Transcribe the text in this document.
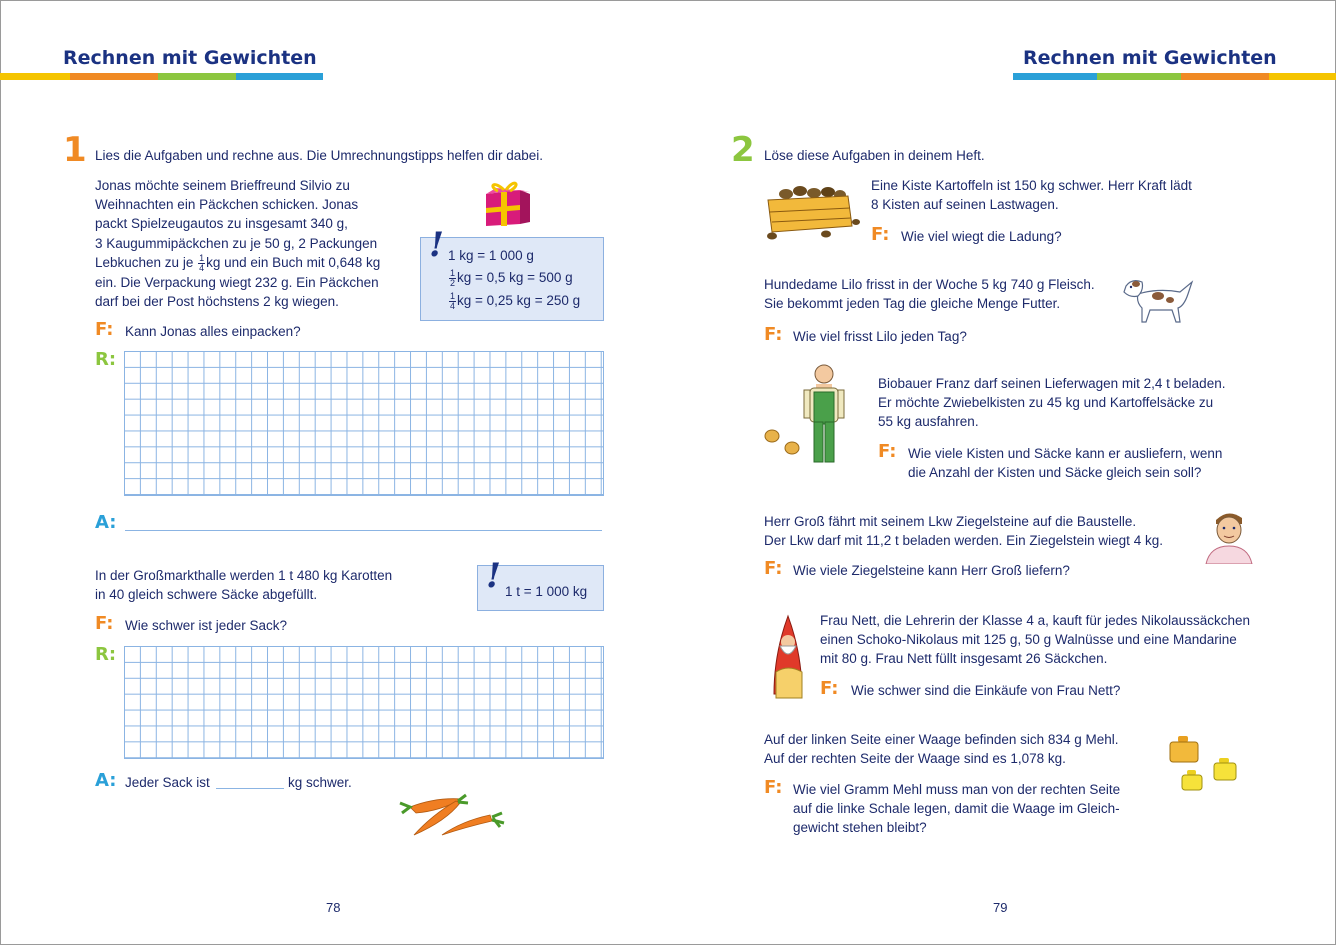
Rechnen mit Gewichten
1 Lies die Aufgaben und rechne aus. Die Umrechnungstipps helfen dir dabei.
Jonas möchte seinem Brieffreund Silvio zu
Weihnachten ein Päckchen schicken. Jonas
packt Spielzeugautos zu insgesamt 340 g,
3 Kaugummipäckchen zu je 50 g, 2 Packungen
Lebkuchen zu je $\frac{1}{4}$ kg und ein Buch mit 0,648 kg
ein. Die Verpackung wiegt 232 g. Ein Päckchen
darf bei der Post höchstens 2 kg wiegen.
! 1 kg = 1 000 g
$\frac{1}{2}$ kg = 0,5 kg = 500 g
$\frac{1}{4}$ kg = 0,25 kg = 250 g
F: Kann Jonas alles einpacken?
R:
A:
In der Großmarkthalle werden 1 t 480 kg Karotten
in 40 gleich schwere Säcke abgefüllt.	! 1 t = 1 000 kg
F: Wie schwer ist jeder Sack?
R:
A: Jeder Sack ist	kg schwer.
78
Rechnen mit Gewichten
2 Löse diese Aufgaben in deinem Heft.
Eine Kiste Kartoffeln ist 150 kg schwer. Herr Kraft lädt
8 Kisten auf seinen Lastwagen.
F: Wie viel wiegt die Ladung?
Hundedame Lilo frisst in der Woche 5 kg 740 g Fleisch.
Sie bekommt jeden Tag die gleiche Menge Futter.
F: Wie viel frisst Lilo jeden Tag?
Biobauer Franz darf seinen Lieferwagen mit 2,4 t beladen.
Er möchte Zwiebelkisten zu 45 kg und Kartoffelsäcke zu
55 kg ausfahren.
F: Wie viele Kisten und Säcke kann er ausliefern, wenn
die Anzahl der Kisten und Säcke gleich sein soll?
Herr Groß fährt mit seinem Lkw Ziegelsteine auf die Baustelle.
Der Lkw darf mit 11,2 t beladen werden. Ein Ziegelstein wiegt 4 kg.
F: Wie viele Ziegelsteine kann Herr Groß liefern?
Frau Nett, die Lehrerin der Klasse 4 a, kauft für jedes Nikolaussäckchen
einen Schoko-Nikolaus mit 125 g, 50 g Walnüsse und eine Mandarine
mit 80 g. Frau Nett füllt insgesamt 26 Säckchen.
F: Wie schwer sind die Einkäufe von Frau Nett?
Auf der linken Seite einer Waage befinden sich 834 g Mehl.
Auf der rechten Seite der Waage sind es 1,078 kg.
F: Wie viel Gramm Mehl muss man von der rechten Seite
auf die linke Schale legen, damit die Waage im Gleich-
gewicht stehen bleibt?
79
